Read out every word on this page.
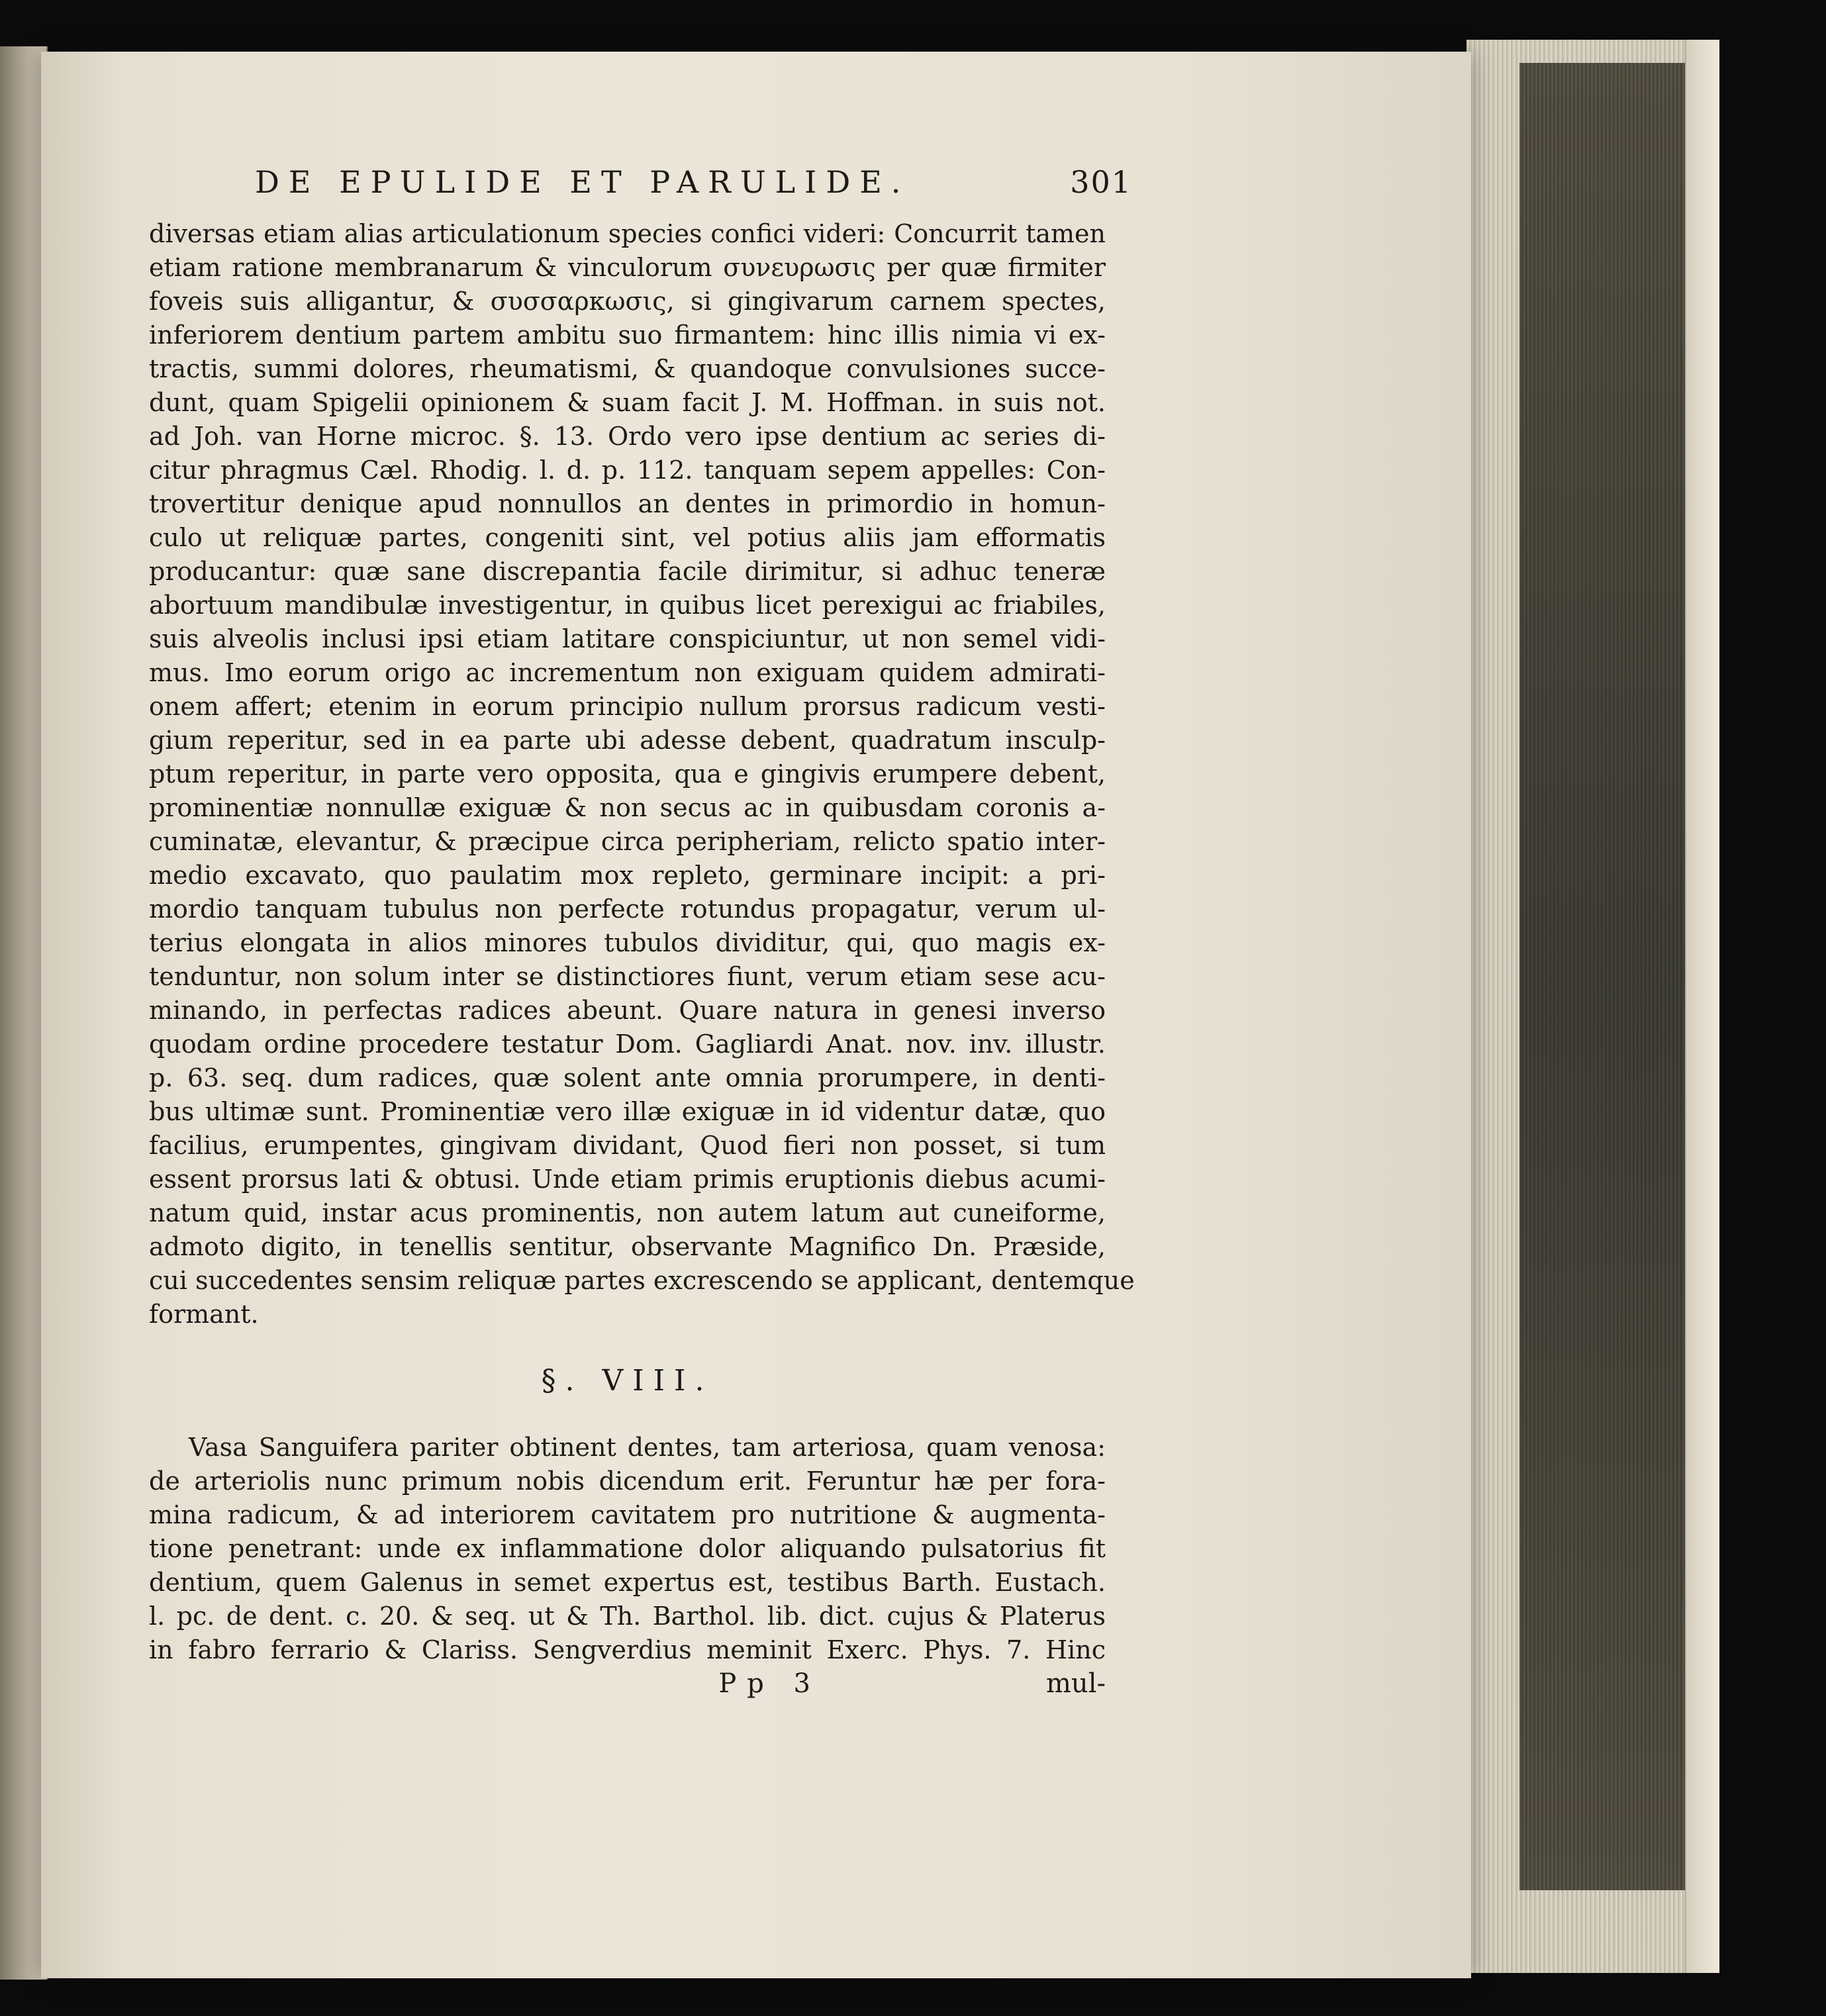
DE EPULIDE ET PARULIDE.	301
diversas etiam alias articulationum species confici videri: Concurrit tamen
etiam ratione membranarum & vinculorum συνευρωσις per quæ firmiter
foveis suis alligantur, & συσσαρκωσις, si gingivarum carnem spectes,
inferiorem dentium partem ambitu suo firmantem: hinc illis nimia vi ex-
tractis, summi dolores, rheumatismi, & quandoque convulsiones succe-
dunt, quam Spigelii opinionem & suam facit J. M. Hoffman. in suis not.
ad Joh. van Horne microc. §. 13. Ordo vero ipse dentium ac series di-
citur phragmus Cæl. Rhodig. l. d. p. 112. tanquam sepem appelles: Con-
trovertitur denique apud nonnullos an dentes in primordio in homun-
culo ut reliquæ partes, congeniti sint, vel potius aliis jam efformatis
producantur: quæ sane discrepantia facile dirimitur, si adhuc teneræ
abortuum mandibulæ investigentur, in quibus licet perexigui ac friabiles,
suis alveolis inclusi ipsi etiam latitare conspiciuntur, ut non semel vidi-
mus. Imo eorum origo ac incrementum non exiguam quidem admirati-
onem affert; etenim in eorum principio nullum prorsus radicum vesti-
gium reperitur, sed in ea parte ubi adesse debent, quadratum insculp-
ptum reperitur, in parte vero opposita, qua e gingivis erumpere debent,
prominentiæ nonnullæ exiguæ & non secus ac in quibusdam coronis a-
cuminatæ, elevantur, & præcipue circa peripheriam, relicto spatio inter-
medio excavato, quo paulatim mox repleto, germinare incipit: a pri-
mordio tanquam tubulus non perfecte rotundus propagatur, verum ul-
terius elongata in alios minores tubulos dividitur, qui, quo magis ex-
tenduntur, non solum inter se distinctiores fiunt, verum etiam sese acu-
minando, in perfectas radices abeunt. Quare natura in genesi inverso
quodam ordine procedere testatur Dom. Gagliardi Anat. nov. inv. illustr.
p. 63. seq. dum radices, quæ solent ante omnia prorumpere, in denti-
bus ultimæ sunt. Prominentiæ vero illæ exiguæ in id videntur datæ, quo
facilius, erumpentes, gingivam dividant, Quod fieri non posset, si tum
essent prorsus lati & obtusi. Unde etiam primis eruptionis diebus acumi-
natum quid, instar acus prominentis, non autem latum aut cuneiforme,
admoto digito, in tenellis sentitur, observante Magnifico Dn. Præside,
cui succedentes sensim reliquæ partes excrescendo se applicant, dentemque
formant.
§. VIII.
Vasa Sanguifera pariter obtinent dentes, tam arteriosa, quam venosa:
de arteriolis nunc primum nobis dicendum erit. Feruntur hæ per fora-
mina radicum, & ad interiorem cavitatem pro nutritione & augmenta-
tione penetrant: unde ex inflammatione dolor aliquando pulsatorius fit
dentium, quem Galenus in semet expertus est, testibus Barth. Eustach.
l. pc. de dent. c. 20. & seq. ut & Th. Barthol. lib. dict. cujus & Platerus
in fabro ferrario & Clariss. Sengverdius meminit Exerc. Phys. 7. Hinc
Pp 3	mul-
